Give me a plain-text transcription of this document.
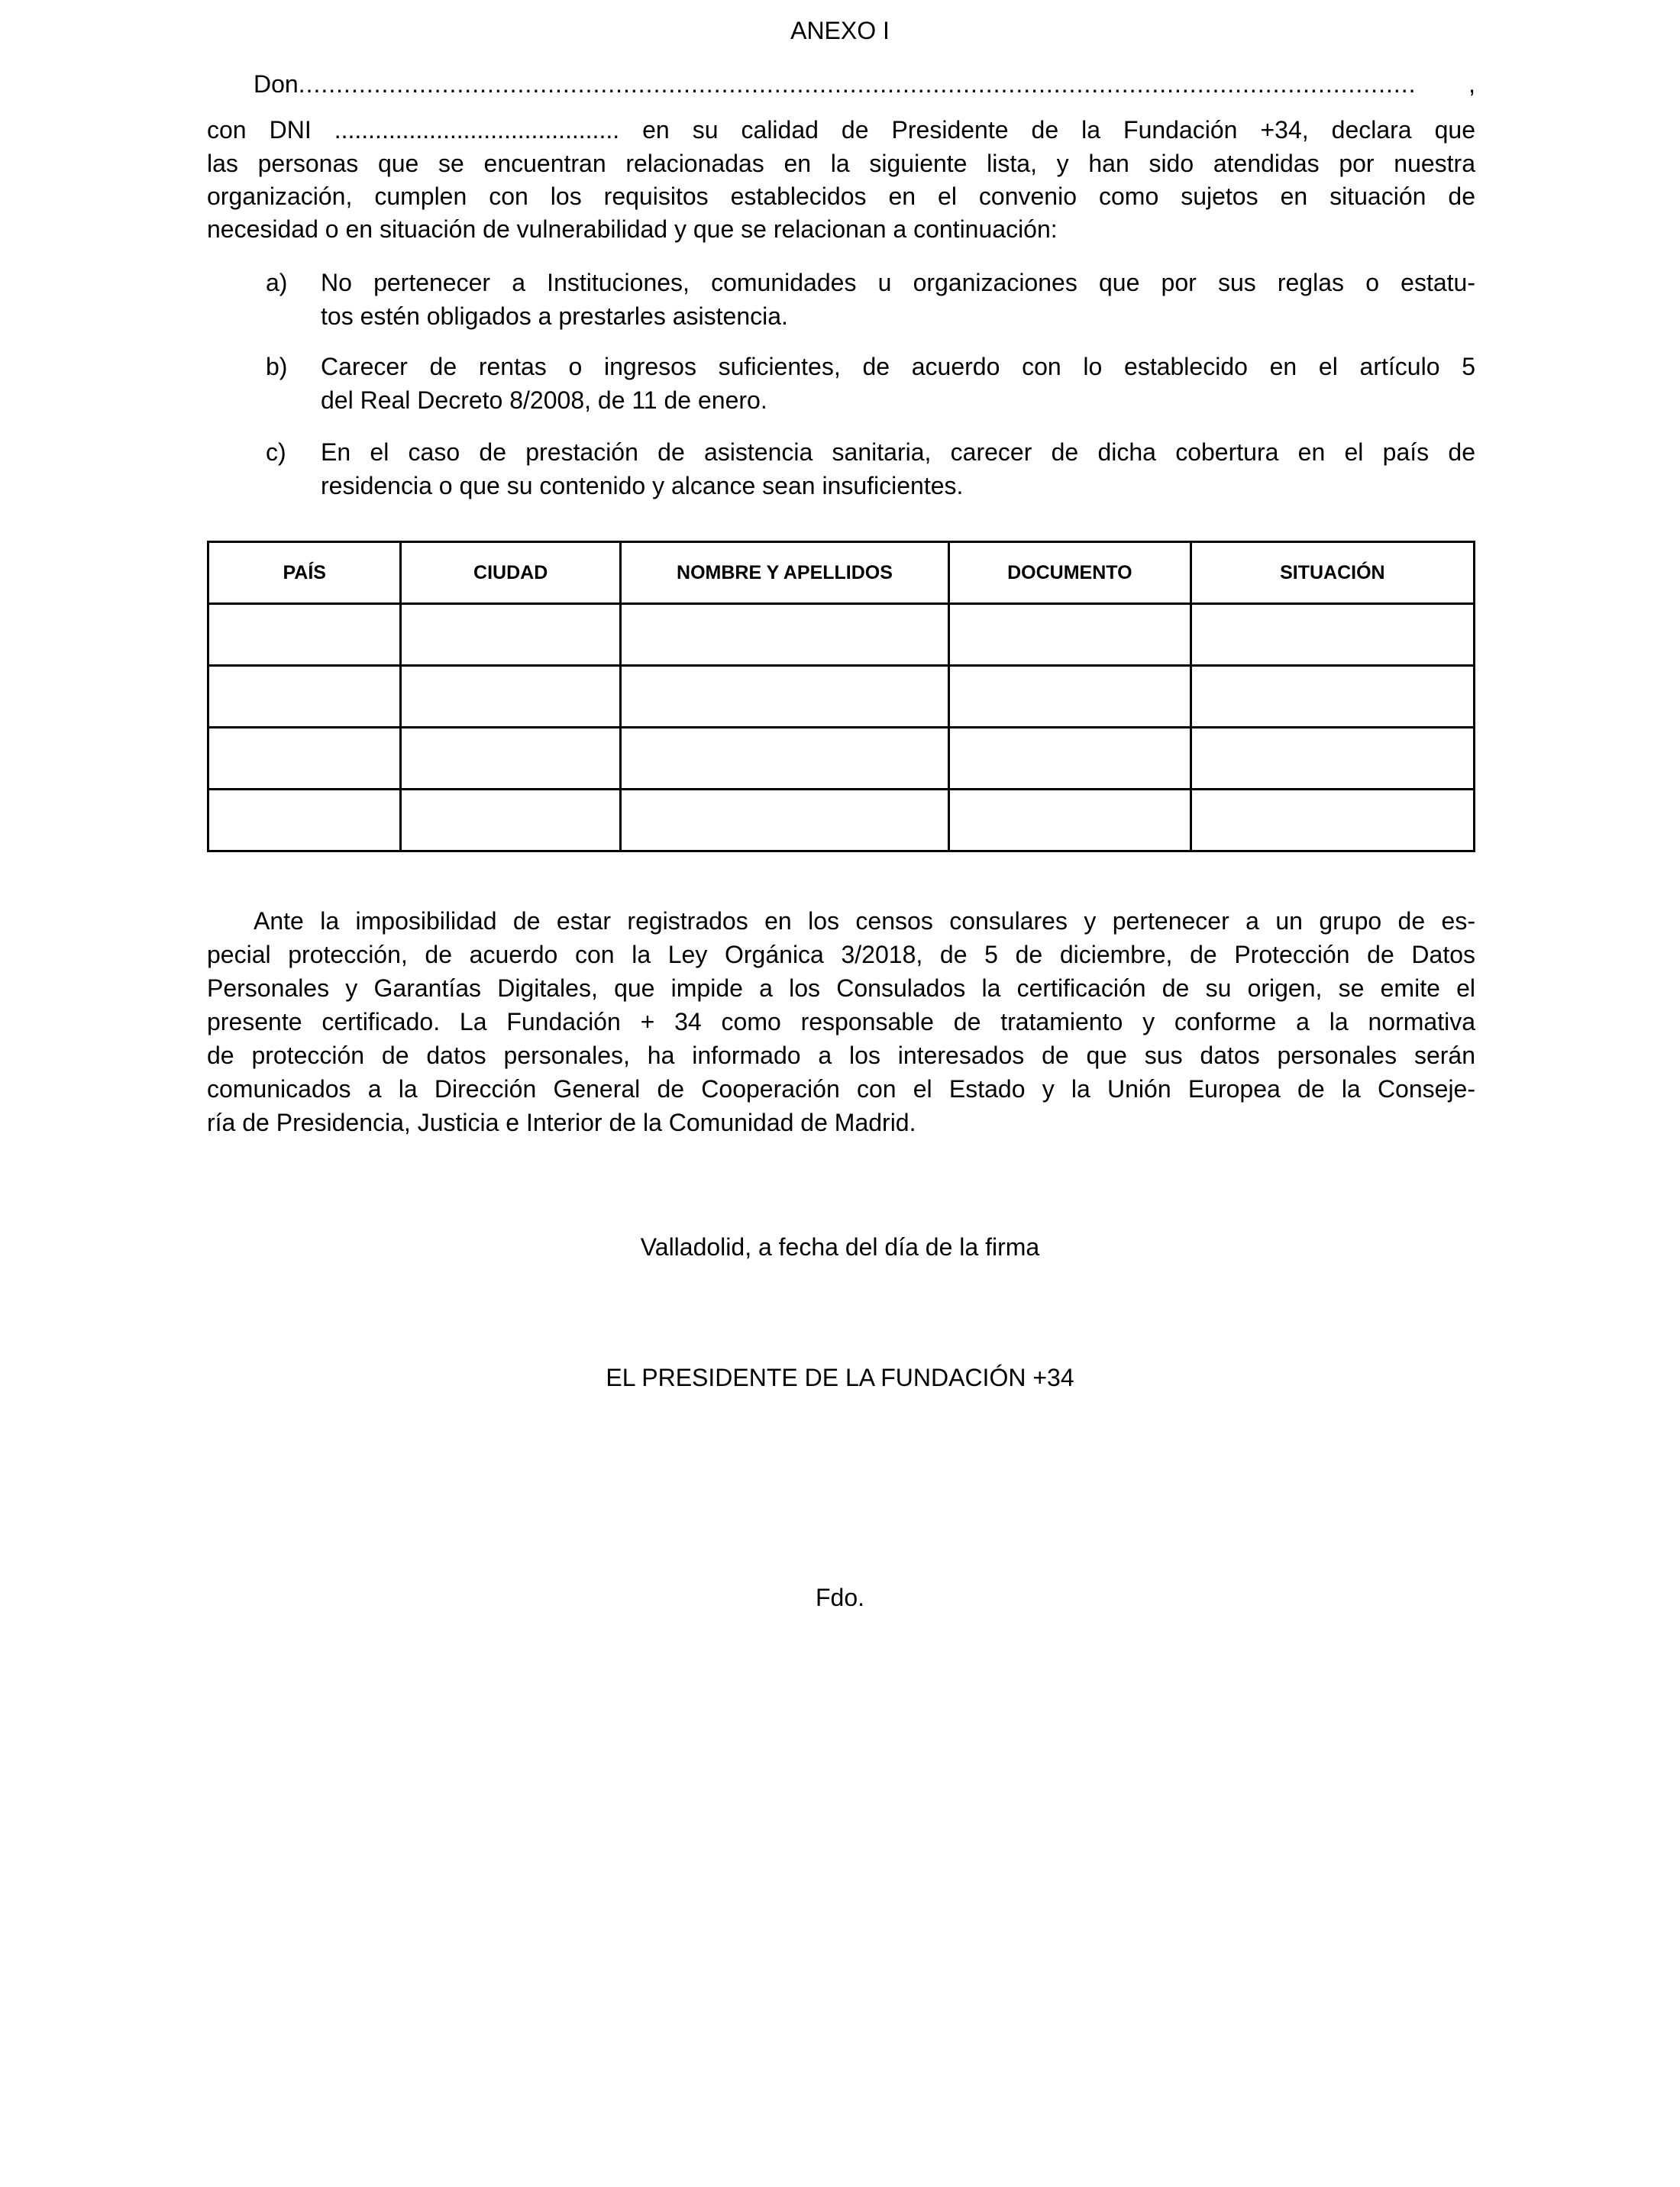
ANEXO I
Don ....................................................................................................................................................	,
con DNI .......................................... en su calidad de Presidente de la Fundación +34, declara que
las personas que se encuentran relacionadas en la siguiente lista, y han sido atendidas por nuestra
organización, cumplen con los requisitos establecidos en el convenio como sujetos en situación de
necesidad o en situación de vulnerabilidad y que se relacionan a continuación:
a) No pertenecer a Instituciones, comunidades u organizaciones que por sus reglas o estatu-
tos estén obligados a prestarles asistencia.
b) Carecer de rentas o ingresos suficientes, de acuerdo con lo establecido en el artículo 5
del Real Decreto 8/2008, de 11 de enero.
c) En el caso de prestación de asistencia sanitaria, carecer de dicha cobertura en el país de
residencia o que su contenido y alcance sean insuficientes.
PAÍS	CIUDAD	NOMBRE Y APELLIDOS	DOCUMENTO	SITUACIÓN

Ante la imposibilidad de estar registrados en los censos consulares y pertenecer a un grupo de es-
pecial protección, de acuerdo con la Ley Orgánica 3/2018, de 5 de diciembre, de Protección de Datos
Personales y Garantías Digitales, que impide a los Consulados la certificación de su origen, se emite el
presente certificado. La Fundación + 34 como responsable de tratamiento y conforme a la normativa
de protección de datos personales, ha informado a los interesados de que sus datos personales serán
comunicados a la Dirección General de Cooperación con el Estado y la Unión Europea de la Conseje-
ría de Presidencia, Justicia e Interior de la Comunidad de Madrid.
Valladolid, a fecha del día de la firma
EL PRESIDENTE DE LA FUNDACIÓN +34
Fdo.
